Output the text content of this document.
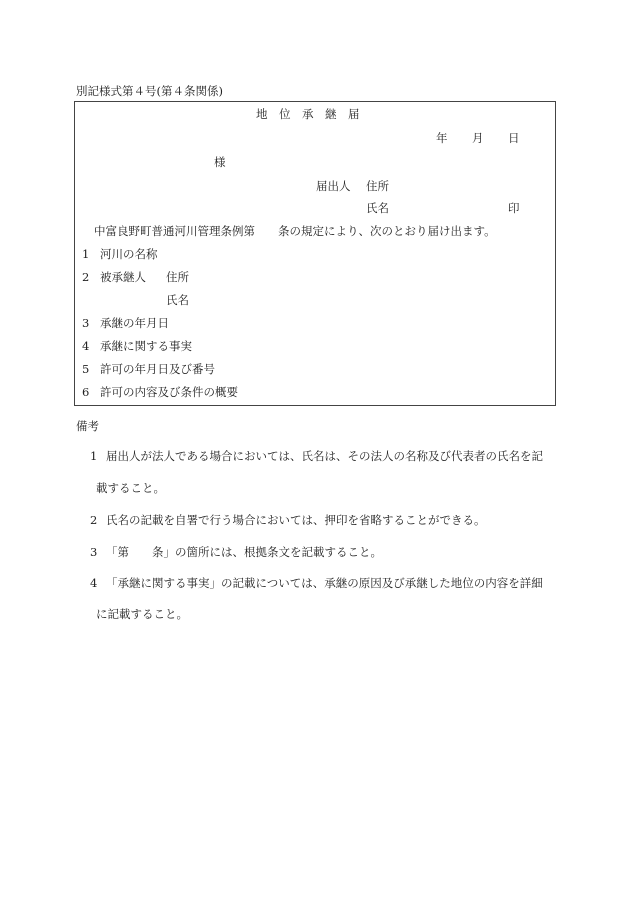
別記様式第４号(第４条関係)
地　位　承　継　届
年 月 日
様
届出人 住所
氏名	印
中富良野町普通河川管理条例第　　条の規定により、次のとおり届け出ます。
1 河川の名称
2 被承継人 住所
氏名
3 承継の年月日
4 承継に関する事実
5 許可の年月日及び番号
6 許可の内容及び条件の概要
備考
1 届出人が法人である場合においては、氏名は、その法人の名称及び代表者の氏名を記
載すること。
2 氏名の記載を自署で行う場合においては、押印を省略することができる。
3 「第　　条」の箇所には、根拠条文を記載すること。
4 「承継に関する事実」の記載については、承継の原因及び承継した地位の内容を詳細
に記載すること。
